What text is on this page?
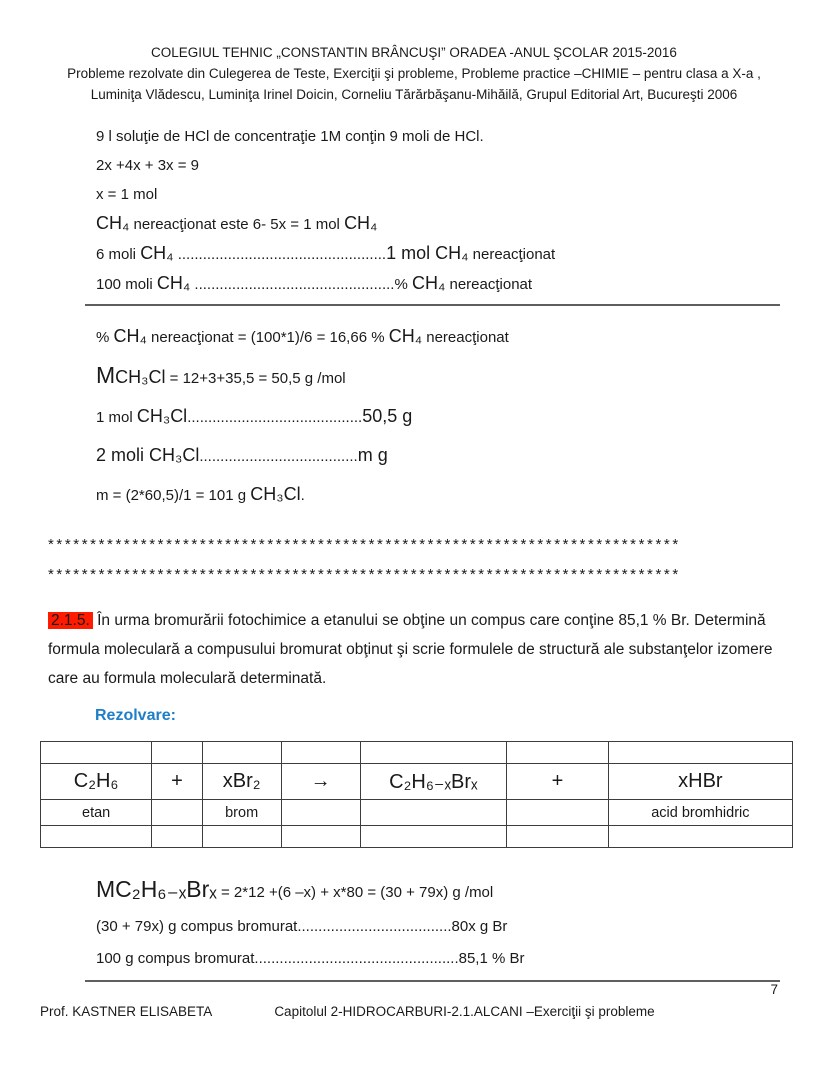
COLEGIUL TEHNIC „CONSTANTIN BRÂNCUŞI” ORADEA -ANUL ŞCOLAR 2015-2016
Probleme rezolvate din Culegerea de Teste, Exerciţii şi probleme, Probleme practice –CHIMIE – pentru clasa a X-a ,
Luminiţa Vlădescu, Luminiţa Irinel Doicin, Corneliu Tărărbăşanu-Mihăilă, Grupul Editorial Art, Bucureşti 2006
9 l soluţie de HCl de concentraţie 1M conţin 9 moli de HCl.
2x +4x + 3x = 9
x = 1 mol
CH₄ nereacţionat este 6- 5x = 1 mol CH₄
6 moli CH₄ ..................................................1 mol CH₄ nereacţionat
100 moli CH₄ ................................................% CH₄ nereacţionat
% CH₄ nereacţionat = (100*1)/6 = 16,66 % CH₄ nereacţionat
MCH₃Cl = 12+3+35,5 = 50,5 g /mol
1 mol CH₃Cl..........................................50,5 g
2 moli CH₃Cl......................................m g
m = (2*60,5)/1 = 101 g CH₃Cl.
***************************************************************************
***************************************************************************

2.1.5. În urma bromurării fotochimice a etanului se obţine un compus care conţine 85,1 % Br. Determină formula moleculară a compusului bromurat obţinut şi scrie formulele de structură ale substanţelor izomere care au formula moleculară determinată.

Rezolvare:

C₂H₆	+	xBr₂	→	C₂H₆₋ₓBrₓ	+	xHBr
etan		brom				acid bromhidric

MC₂H₆₋ₓBrₓ = 2*12 +(6 –x) + x*80 = (30 + 79x) g /mol
(30 + 79x) g compus bromurat.....................................80x g Br
100 g compus bromurat.................................................85,1 % Br
7
Prof. KASTNER ELISABETA	Capitolul 2-HIDROCARBURI-2.1.ALCANI –Exerciţii şi probleme
